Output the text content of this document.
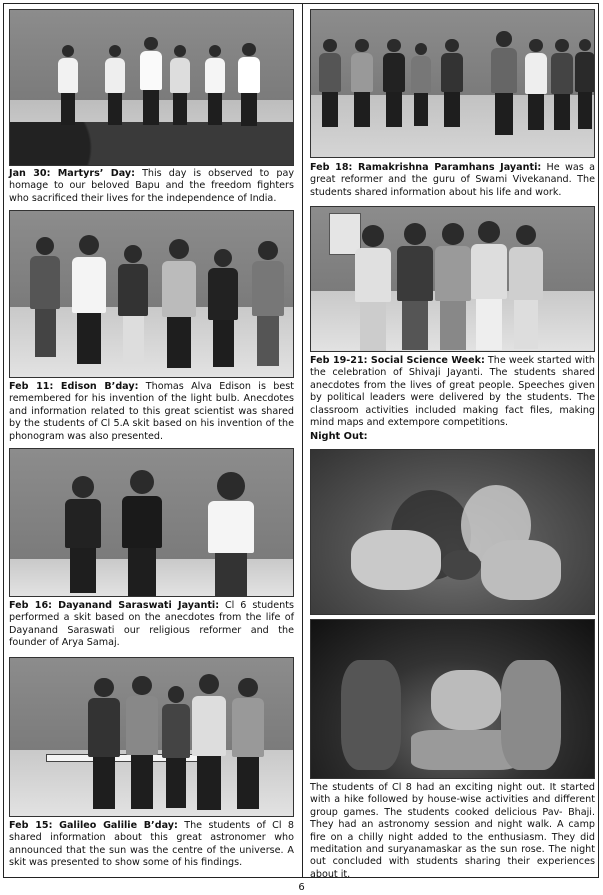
Jan 30: Martyrs’ Day: This day is observed to pay homage to our beloved Bapu and the freedom fighters who sacrificed their lives for the independence of India.
Feb 11: Edison B’day: Thomas Alva Edison is best remembered for his invention of the light bulb. Anecdotes and information related to this great scientist was shared by the students of Cl 5.A skit based on his invention of the phonogram was also presented.
Feb 16: Dayanand Saraswati Jayanti: Cl 6 students performed a skit based on the anecdotes from the life of Dayanand Saraswati our religious reformer and the founder of Arya Samaj.
Feb 15: Galileo Galilie B’day: The students of Cl 8 shared information about this great astronomer who announced that the sun was the centre of the universe. A skit was presented to show some of his findings.
Feb 18: Ramakrishna Paramhans Jayanti: He was a great reformer and the guru of Swami Vivekanand. The students shared information about his life and work.
Feb 19-21: Social Science Week: The week started with the celebration of Shivaji Jayanti. The students shared anecdotes from the lives of great people. Speeches given by political leaders were delivered by the students. The classroom activities included making fact files, making mind maps and extempore competitions.
Night Out:
The students of Cl 8 had an exciting night out. It started with a hike followed by house-wise activities and different group games. The students cooked delicious Pav- Bhaji. They had an astronomy session and night walk. A camp fire on a chilly night added to the enthusiasm. They did meditation and suryanamaskar as the sun rose. The night out concluded with students sharing their experiences about it.
6
